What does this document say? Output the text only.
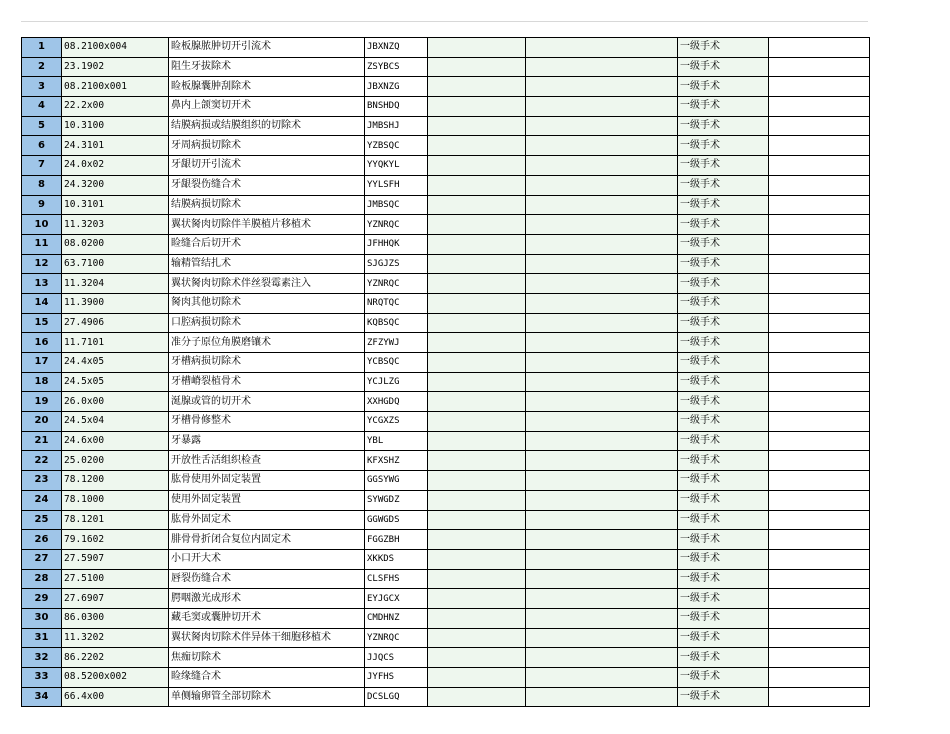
1	08.2100x004	睑板腺脓肿切开引流术	JBXNZQ			一级手术	
2	23.1902	阻生牙拔除术	ZSYBCS			一级手术	
3	08.2100x001	睑板腺囊肿刮除术	JBXNZG			一级手术	
4	22.2x00	鼻内上颌窦切开术	BNSHDQ			一级手术	
5	10.3100	结膜病损或结膜组织的切除术	JMBSHJ			一级手术	
6	24.3101	牙周病损切除术	YZBSQC			一级手术	
7	24.0x02	牙龈切开引流术	YYQKYL			一级手术	
8	24.3200	牙龈裂伤缝合术	YYLSFH			一级手术	
9	10.3101	结膜病损切除术	JMBSQC			一级手术	
10	11.3203	翼状胬肉切除伴羊膜植片移植术	YZNRQC			一级手术	
11	08.0200	睑缝合后切开术	JFHHQK			一级手术	
12	63.7100	输精管结扎术	SJGJZS			一级手术	
13	11.3204	翼状胬肉切除术伴丝裂霉素注入	YZNRQC			一级手术	
14	11.3900	胬肉其他切除术	NRQTQC			一级手术	
15	27.4906	口腔病损切除术	KQBSQC			一级手术	
16	11.7101	准分子原位角膜磨镶术	ZFZYWJ			一级手术	
17	24.4x05	牙槽病损切除术	YCBSQC			一级手术	
18	24.5x05	牙槽嵴裂植骨术	YCJLZG			一级手术	
19	26.0x00	涎腺或管的切开术	XXHGDQ			一级手术	
20	24.5x04	牙槽骨修整术	YCGXZS			一级手术	
21	24.6x00	牙暴露	YBL			一级手术	
22	25.0200	开放性舌活组织检查	KFXSHZ			一级手术	
23	78.1200	肱骨使用外固定装置	GGSYWG			一级手术	
24	78.1000	使用外固定装置	SYWGDZ			一级手术	
25	78.1201	肱骨外固定术	GGWGDS			一级手术	
26	79.1602	腓骨骨折闭合复位内固定术	FGGZBH			一级手术	
27	27.5907	小口开大术	XKKDS			一级手术	
28	27.5100	唇裂伤缝合术	CLSFHS			一级手术	
29	27.6907	腭咽激光成形术	EYJGCX			一级手术	
30	86.0300	藏毛窦或囊肿切开术	CMDHNZ			一级手术	
31	11.3202	翼状胬肉切除术伴异体干细胞移植术	YZNRQC			一级手术	
32	86.2202	焦痂切除术	JJQCS			一级手术	
33	08.5200x002	睑缘缝合术	JYFHS			一级手术	
34	66.4x00	单侧输卵管全部切除术	DCSLGQ			一级手术	
